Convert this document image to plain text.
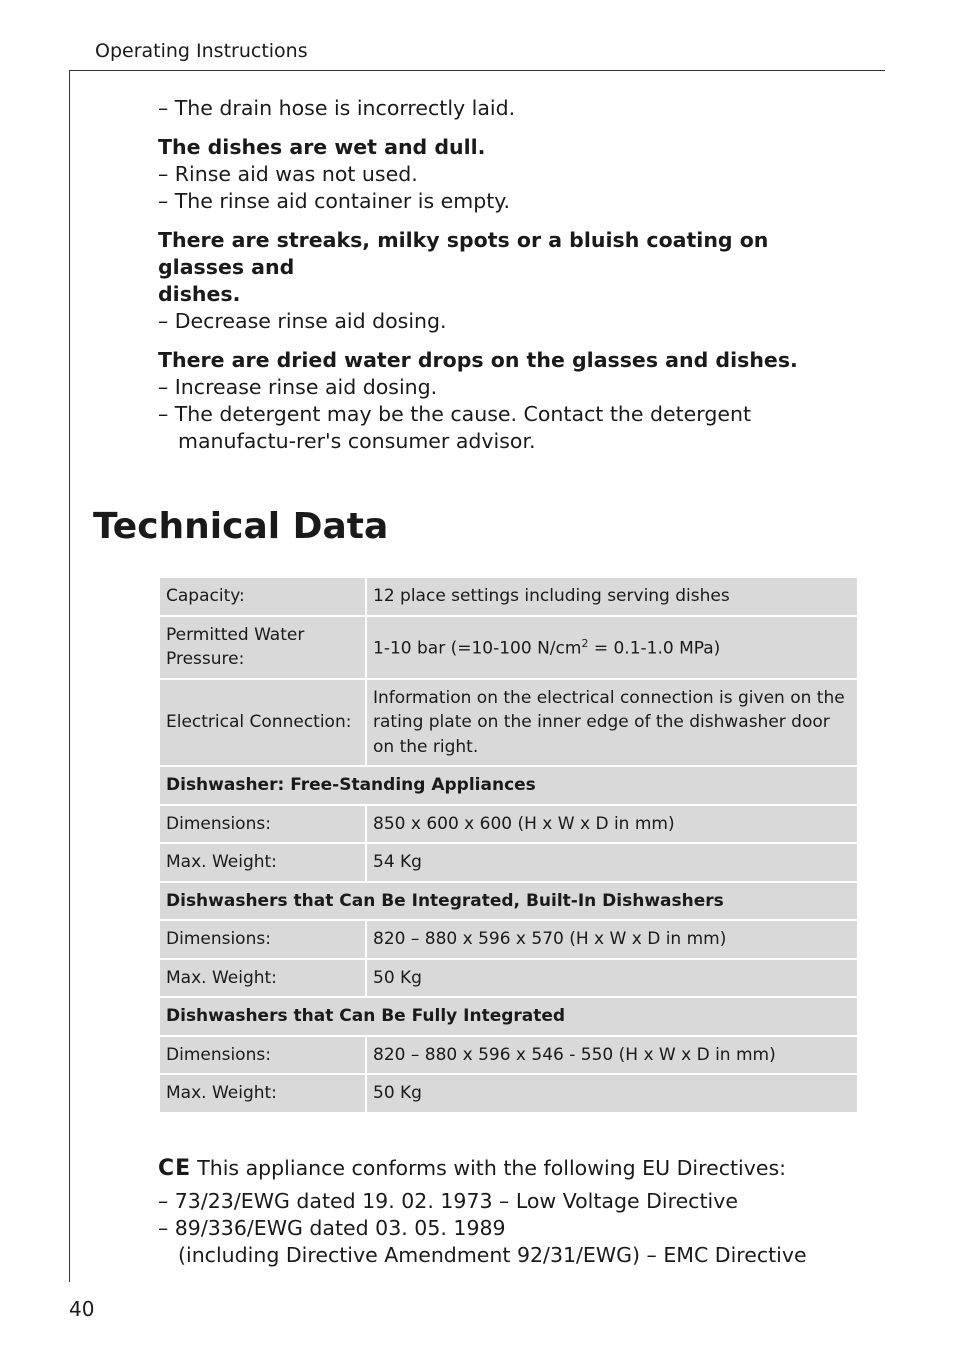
Operating Instructions

– The drain hose is incorrectly laid.

The dishes are wet and dull.

– Rinse aid was not used.

– The rinse aid container is empty.

There are streaks, milky spots or a bluish coating on glasses and
dishes.

– Decrease rinse aid dosing.

There are dried water drops on the glasses and dishes.

– Increase rinse aid dosing.

– The detergent may be the cause. Contact the detergent manufactu-rer's consumer advisor.

Technical Data
Capacity:	12 place settings including serving dishes
Permitted Water Pressure:	1-10 bar (=10-100 $N/cm^2 = 0.1-1.0$ MPa)
Electrical Connection:	Information on the electrical connection is given on the rating plate on the inner edge of the dishwasher door on the right.
Dishwasher: Free-Standing Appliances	
Dimensions:	850 x 600 x 600 (H x W x D in mm)
Max. Weight:	54 Kg
Dishwashers that Can Be Integrated, Built-In Dishwashers	
Dimensions:	820 – 880 x 596 x 570 (H x W x D in mm)
Max. Weight:	50 Kg
Dishwashers that Can Be Fully Integrated	
Dimensions:	820 – 880 x 596 x 546 - 550 (H x W x D in mm)
Max. Weight:	50 Kg

CE This appliance conforms with the following EU Directives:

– 73/23/EWG dated 19. 02. 1973 – Low Voltage Directive

– 89/336/EWG dated 03. 05. 1989

(including Directive Amendment 92/31/EWG) – EMC Directive

40
